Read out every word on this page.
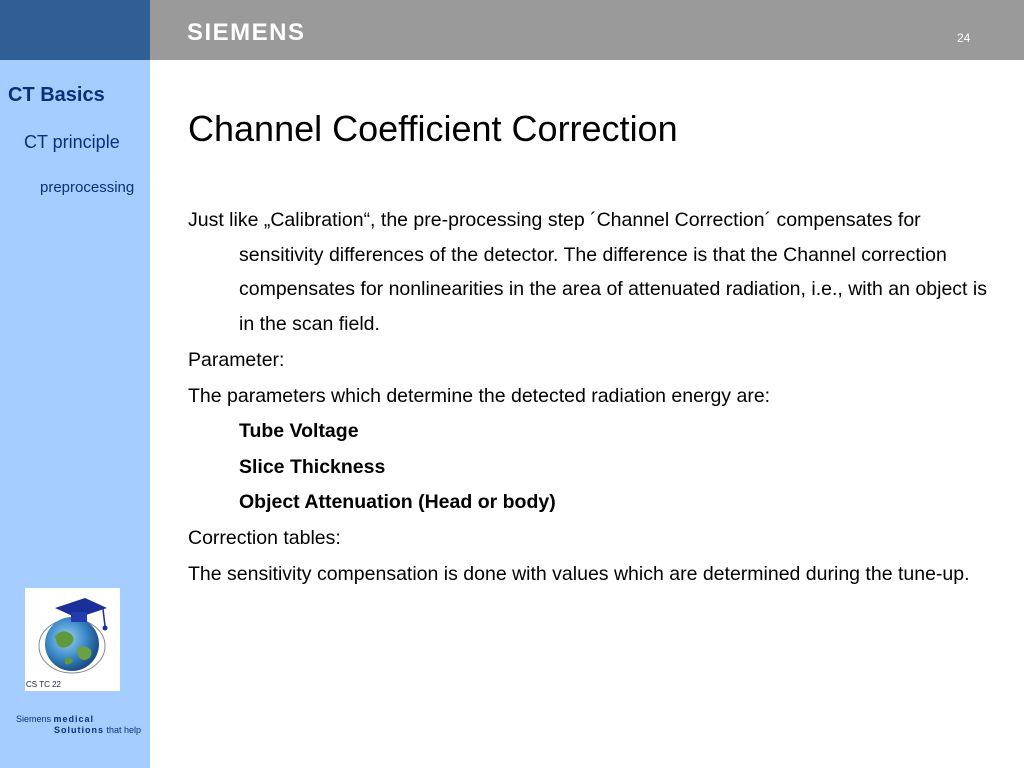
SIEMENS	24
CT Basics
CT principle
preprocessing
CS TC 22
Siemens medical
Solutions that help
Channel Coefficient Correction

Just like „Calibration“, the pre-processing step ´Channel Correction´ compensates for sensitivity differences of the detector. The difference is that the Channel correction compensates for nonlinearities in the area of attenuated radiation, i.e., with an object is in the scan field.

Parameter:

The parameters which determine the detected radiation energy are:

Tube Voltage

Slice Thickness

Object Attenuation (Head or body)

Correction tables:

The sensitivity compensation is done with values which are determined during the tune-up.
